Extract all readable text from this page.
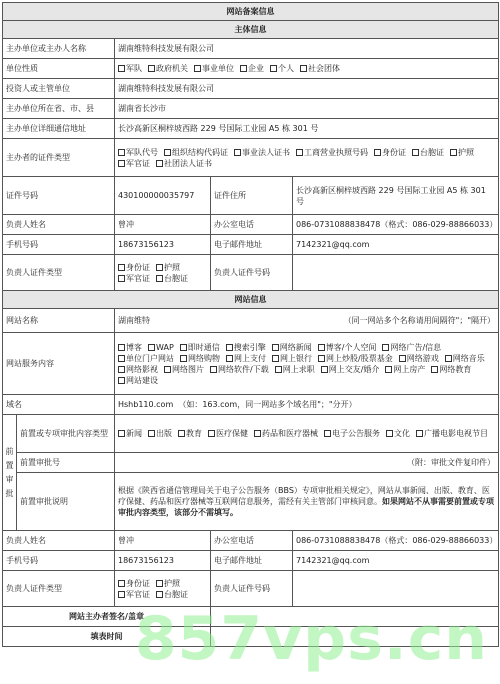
网站备案信息				
主体信息				
主办单位或主办人名称		湖南维特科技发展有限公司		
单位性质		军队 政府机关 事业单位 企业 个人 社会团体		

投资人或主管单位		湖南维特科技发展有限公司		
主办单位所在省、市、县		湖南省长沙市		
主办单位详细通信地址		长沙高新区桐梓坡西路 229 号国际工业园 A5 栋 301 号		
主办者的证件类型		军队代号 组织结构代码证 事业法人证书 工商营业执照号码 身份证 台胞证 护照军官证 社团法人证书		

证件号码		430100000035797	证件住所	长沙高新区桐梓坡西路 229 号国际工业园 A5 栋 301 号
负责人姓名		曾冲	办公室电话	086-0731088838478（格式：086-029-88866033）
手机号码		18673156123	电子邮件地址	7142321@qq.com
负责人证件类型		身份证 护照军官证 台胞证	负责人证件号码	
网站信息				
网站名称		湖南维特 （同一网站多个名称请用间隔符"；"隔开）		

网站服务内容		博客 WAP 即时通信 搜索引擎 网络新闻 博客/个人空间 网络广告/信息单位门户网站 网络购物 网上支付 网上银行 网上炒股/股票基金 网络游戏 网络音乐网络影视 网络图片 网络软件/下载 网上求职 网上交友/婚介 网上房产 网络教育网站建设		

域名		Hshb110.com （如：163.com，同一网站多个域名用"；"分开）		

前
置
审
批	前置或专项审批内容类型	新闻 出版 教育 医疗保健 药品和医疗器械 电子公告服务 文化 广播电影电视节目		

	前置审批号	（附：审批文件复印件）		

	前置审批说明	根据《陕西省通信管理局关于电子公告服务（BBS）专项审批相关规定》，网站从事新闻、出版、教育、医疗保健、药品和医疗器械等互联网信息服务，需经有关主管部门审核同意。如果网站不从事需要前置或专项审批内容类型，该部分不需填写。		
负责人姓名		曾冲	办公室电话	086-0731088838478（格式：086-029-88866033）
手机号码		18673156123	电子邮件地址	7142321@qq.com
负责人证件类型		身份证 护照军官证 台胞证	负责人证件号码	
网站主办者签名/盖章				
填表时间				857vps.cn
